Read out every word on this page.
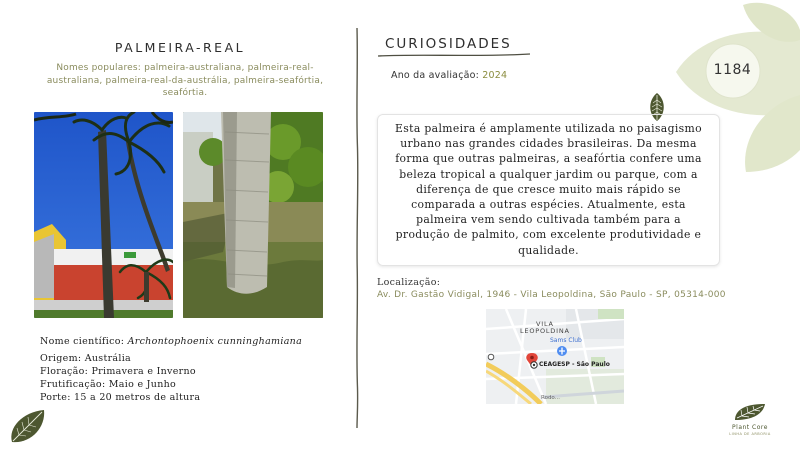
1184
PALMEIRA-REAL
Nomes populares: palmeira-australiana, palmeira-real-australiana, palmeira-real-da-austrália, palmeira-seafórtia, seafórtia.
Nome científico: Archontophoenix cunninghamiana
Origem: Austrália
Floração: Primavera e Inverno
Frutificação: Maio e Junho
Porte: 15 a 20 metros de altura
CURIOSIDADES
Ano da avaliação: 2024

Esta palmeira é amplamente utilizada no paisagismo urbano nas grandes cidades brasileiras. Da mesma forma que outras palmeiras, a seafórtia confere uma beleza tropical a qualquer jardim ou parque, com a diferença de que cresce muito mais rápido se comparada a outras espécies. Atualmente, esta palmeira vem sendo cultivada também para a produção de palmito, com excelente produtividade e qualidade.

Localização:
Av. Dr. Gastão Vidigal, 1946 - Vila Leopoldina, São Paulo - SP, 05314-000
VILA
LEOPOLDINA
Sams Club
CEAGESP - São Paulo
Rodo...
Plant Core
LINHA DE ARBORIA
